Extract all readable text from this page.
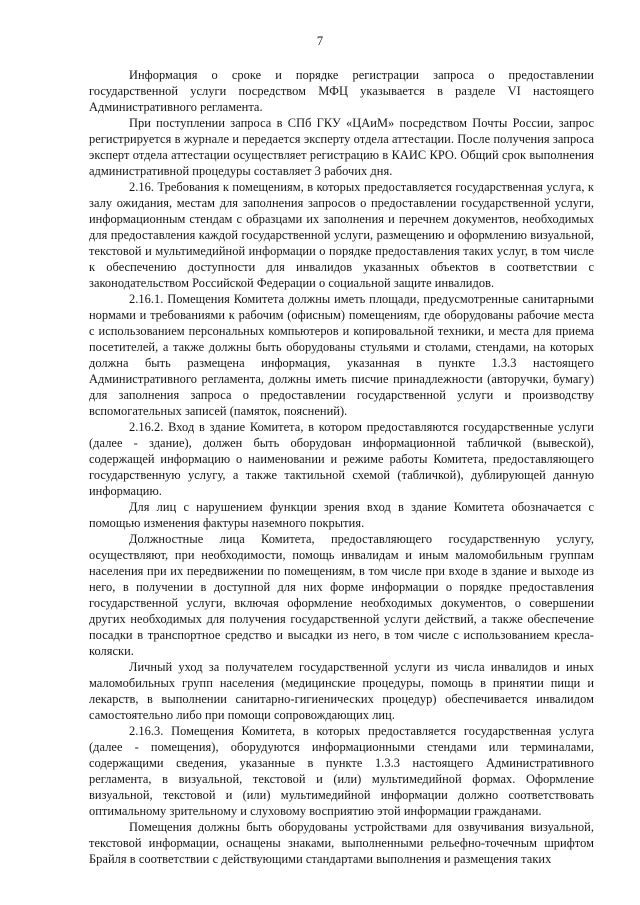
7

Информация о сроке и порядке регистрации запроса о предоставлении государственной услуги посредством МФЦ указывается в разделе VI настоящего Административного регламента.

При поступлении запроса в СПб ГКУ «ЦАиМ» посредством Почты России, запрос регистрируется в журнале и передается эксперту отдела аттестации. После получения запроса эксперт отдела аттестации осуществляет регистрацию в КАИС КРО. Общий срок выполнения административной процедуры составляет 3 рабочих дня.

2.16. Требования к помещениям, в которых предоставляется государственная услуга, к залу ожидания, местам для заполнения запросов о предоставлении государственной услуги, информационным стендам с образцами их заполнения и перечнем документов, необходимых для предоставления каждой государственной услуги, размещению и оформлению визуальной, текстовой и мультимедийной информации о порядке предоставления таких услуг, в том числе к обеспечению доступности для инвалидов указанных объектов в соответствии с законодательством Российской Федерации о социальной защите инвалидов.

2.16.1. Помещения Комитета должны иметь площади, предусмотренные санитарными нормами и требованиями к рабочим (офисным) помещениям, где оборудованы рабочие места с использованием персональных компьютеров и копировальной техники, и места для приема посетителей, а также должны быть оборудованы стульями и столами, стендами, на которых должна быть размещена информация, указанная в пункте 1.3.3 настоящего Административного регламента, должны иметь писчие принадлежности (авторучки, бумагу) для заполнения запроса о предоставлении государственной услуги и производству вспомогательных записей (памяток, пояснений).

2.16.2. Вход в здание Комитета, в котором предоставляются государственные услуги (далее - здание), должен быть оборудован информационной табличкой (вывеской), содержащей информацию о наименовании и режиме работы Комитета, предоставляющего государственную услугу, а также тактильной схемой (табличкой), дублирующей данную информацию.

Для лиц с нарушением функции зрения вход в здание Комитета обозначается с помощью изменения фактуры наземного покрытия.

Должностные лица Комитета, предоставляющего государственную услугу, осуществляют, при необходимости, помощь инвалидам и иным маломобильным группам населения при их передвижении по помещениям, в том числе при входе в здание и выходе из него, в получении в доступной для них форме информации о порядке предоставления государственной услуги, включая оформление необходимых документов, о совершении других необходимых для получения государственной услуги действий, а также обеспечение посадки в транспортное средство и высадки из него, в том числе с использованием кресла-коляски.

Личный уход за получателем государственной услуги из числа инвалидов и иных маломобильных групп населения (медицинские процедуры, помощь в принятии пищи и лекарств, в выполнении санитарно-гигиенических процедур) обеспечивается инвалидом самостоятельно либо при помощи сопровождающих лиц.

2.16.3. Помещения Комитета, в которых предоставляется государственная услуга (далее - помещения), оборудуются информационными стендами или терминалами, содержащими сведения, указанные в пункте 1.3.3 настоящего Административного регламента, в визуальной, текстовой и (или) мультимедийной формах. Оформление визуальной, текстовой и (или) мультимедийной информации должно соответствовать оптимальному зрительному и слуховому восприятию этой информации гражданами.

Помещения должны быть оборудованы устройствами для озвучивания визуальной, текстовой информации, оснащены знаками, выполненными рельефно-точечным шрифтом Брайля в соответствии с действующими стандартами выполнения и размещения таких
